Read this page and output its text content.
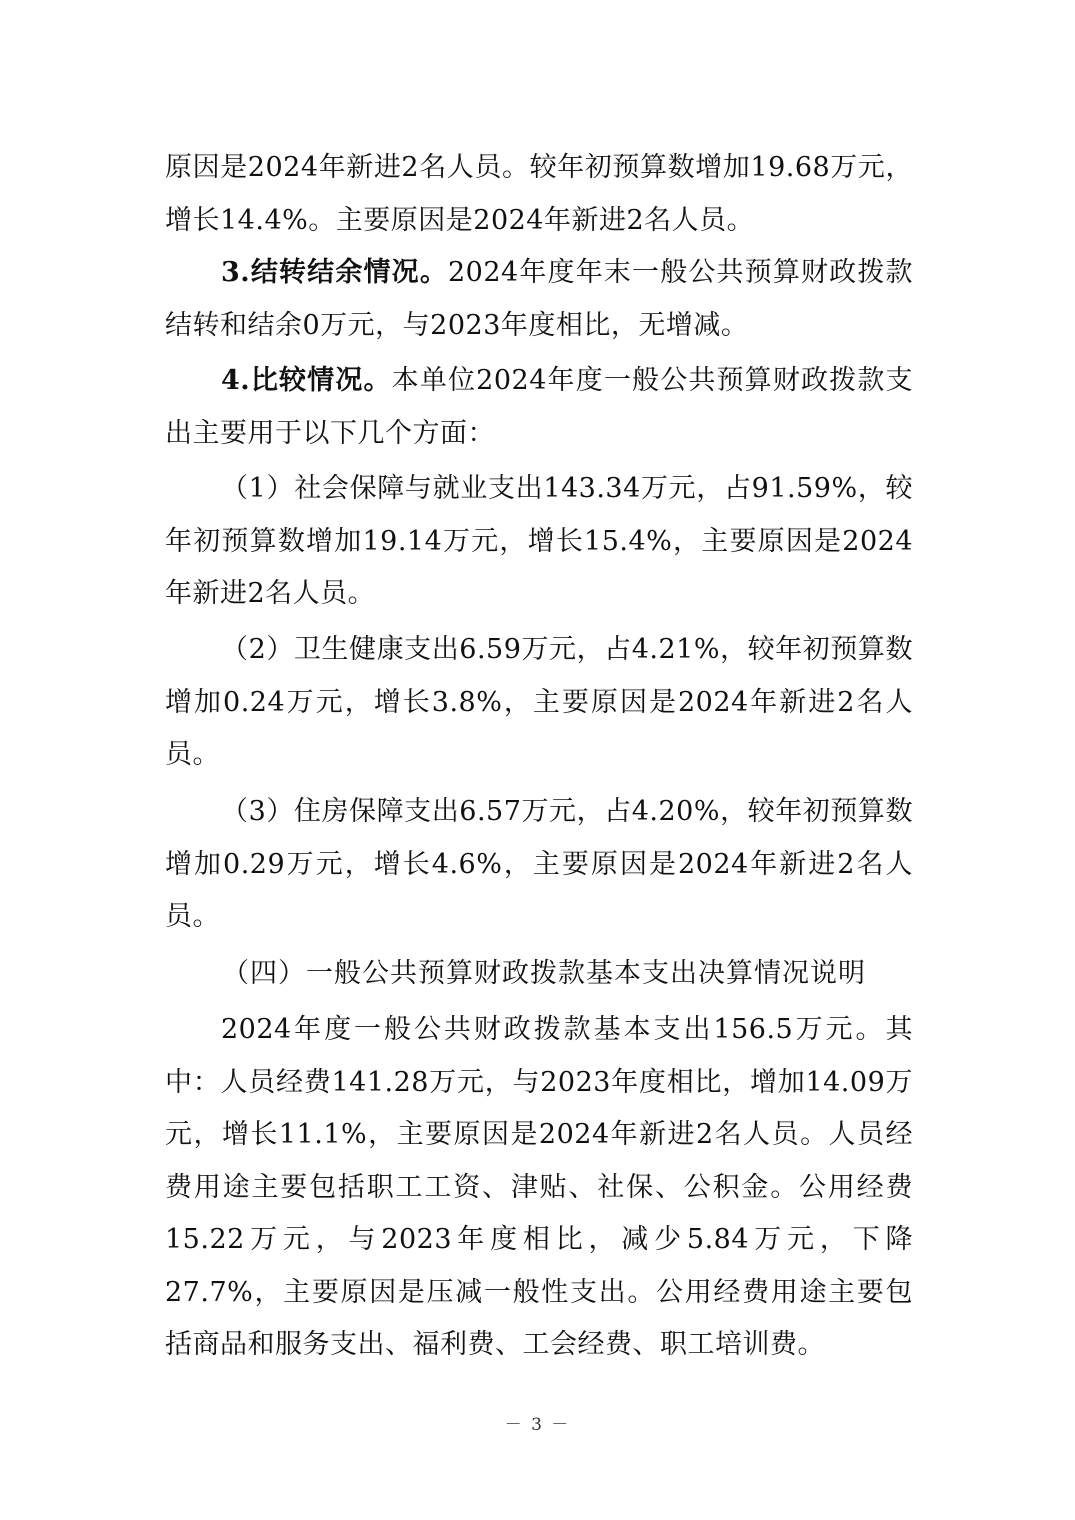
原因是2024年新进2名人员。较年初预算数增加19.68万元，增长14.4%。主要原因是2024年新进2名人员。

3.结转结余情况。2024年度年末一般公共预算财政拨款结转和结余0万元，与2023年度相比，无增减。

4.比较情况。本单位2024年度一般公共预算财政拨款支出主要用于以下几个方面：

（1）社会保障与就业支出143.34万元，占91.59%，较年初预算数增加19.14万元，增长15.4%，主要原因是2024年新进2名人员。

（2）卫生健康支出6.59万元，占4.21%，较年初预算数增加0.24万元，增长3.8%，主要原因是2024年新进2名人员。

（3）住房保障支出6.57万元，占4.20%，较年初预算数增加0.29万元，增长4.6%，主要原因是2024年新进2名人员。

（四）一般公共预算财政拨款基本支出决算情况说明

2024年度一般公共财政拨款基本支出156.5万元。其中：人员经费141.28万元，与2023年度相比，增加14.09万元，增长11.1%，主要原因是2024年新进2名人员。人员经费用途主要包括职工工资、津贴、社保、公积金。公用经费15.22万元，与2023年度相比，减少5.84万元，下降27.7%，主要原因是压减一般性支出。公用经费用途主要包括商品和服务支出、福利费、工会经费、职工培训费。

－ 3 －
